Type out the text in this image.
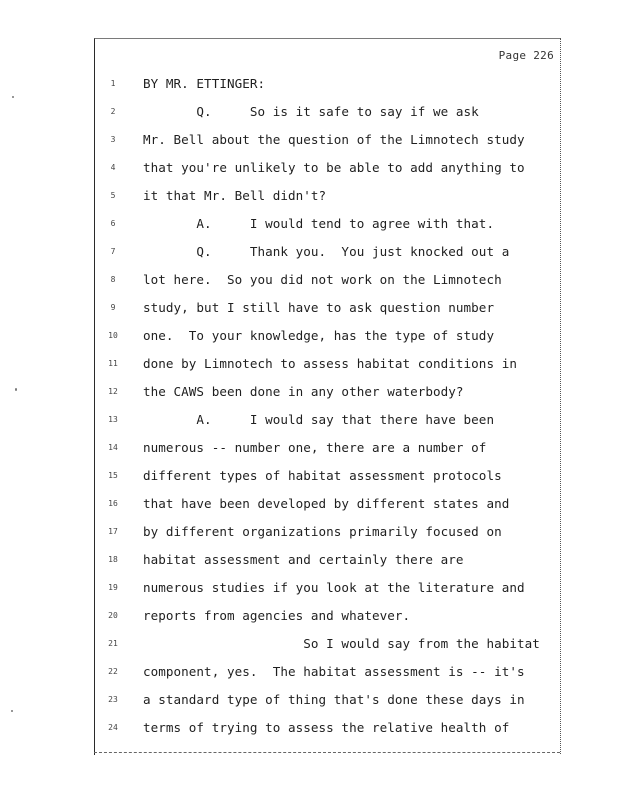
Page 226
1
2
3
4
5
6
7
8
9
10
11
12
13
14
15
16
17
18
19
20
21
22
23
24
BY MR. ETTINGER:
Q.     So is it safe to say if we ask
Mr. Bell about the question of the Limnotech study
that you're unlikely to be able to add anything to
it that Mr. Bell didn't?
A.     I would tend to agree with that.
Q.     Thank you.  You just knocked out a
lot here.  So you did not work on the Limnotech
study, but I still have to ask question number
one.  To your knowledge, has the type of study
done by Limnotech to assess habitat conditions in
the CAWS been done in any other waterbody?
A.     I would say that there have been
numerous -- number one, there are a number of
different types of habitat assessment protocols
that have been developed by different states and
by different organizations primarily focused on
habitat assessment and certainly there are
numerous studies if you look at the literature and
reports from agencies and whatever.
So I would say from the habitat
component, yes.  The habitat assessment is -- it's
a standard type of thing that's done these days in
terms of trying to assess the relative health of
